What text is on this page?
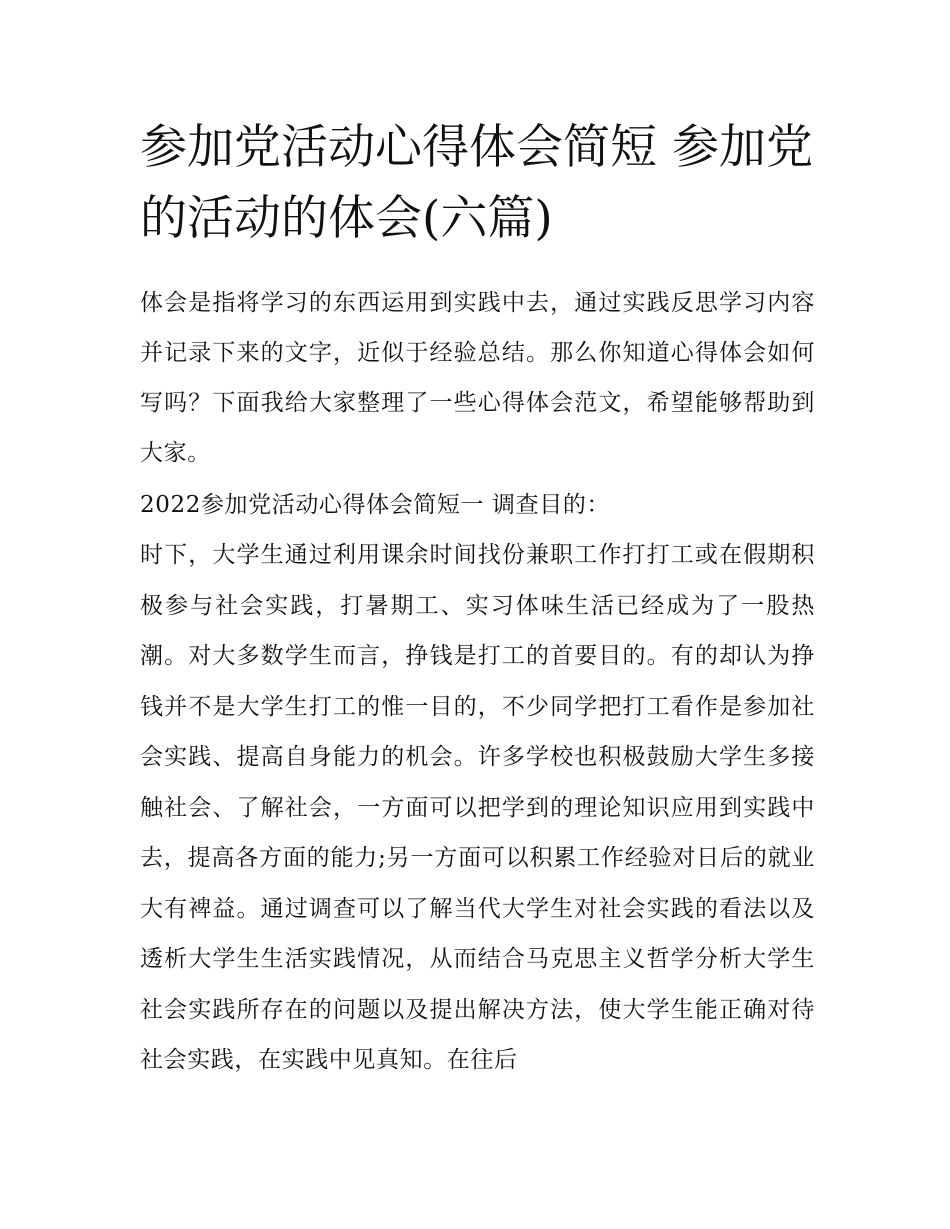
参加党活动心得体会简短 参加党的活动的体会(六篇)

体会是指将学习的东西运用到实践中去，通过实践反思学习内容并记录下来的文字，近似于经验总结。那么你知道心得体会如何写吗？下面我给大家整理了一些心得体会范文，希望能够帮助到大家。

2022参加党活动心得体会简短一 调查目的：

时下，大学生通过利用课余时间找份兼职工作打打工或在假期积极参与社会实践，打暑期工、实习体味生活已经成为了一股热潮。对大多数学生而言，挣钱是打工的首要目的。有的却认为挣钱并不是大学生打工的惟一目的，不少同学把打工看作是参加社会实践、提高自身能力的机会。许多学校也积极鼓励大学生多接触社会、了解社会，一方面可以把学到的理论知识应用到实践中去，提高各方面的能力;另一方面可以积累工作经验对日后的就业大有裨益。通过调查可以了解当代大学生对社会实践的看法以及透析大学生生活实践情况，从而结合马克思主义哲学分析大学生社会实践所存在的问题以及提出解决方法，使大学生能正确对待社会实践，在实践中见真知。在往后
